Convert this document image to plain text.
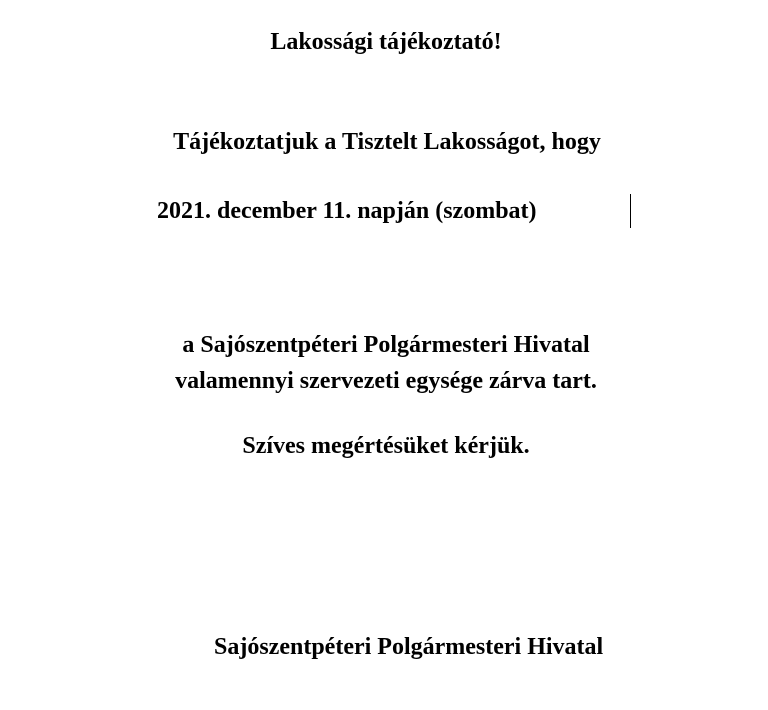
Lakossági tájékoztató!
Tájékoztatjuk a Tisztelt Lakosságot, hogy
2021. december 11. napján (szombat)
a Sajószentpéteri Polgármesteri Hivatal
valamennyi szervezeti egysége zárva tart.
Szíves megértésüket kérjük.
Sajószentpéteri Polgármesteri Hivatal
